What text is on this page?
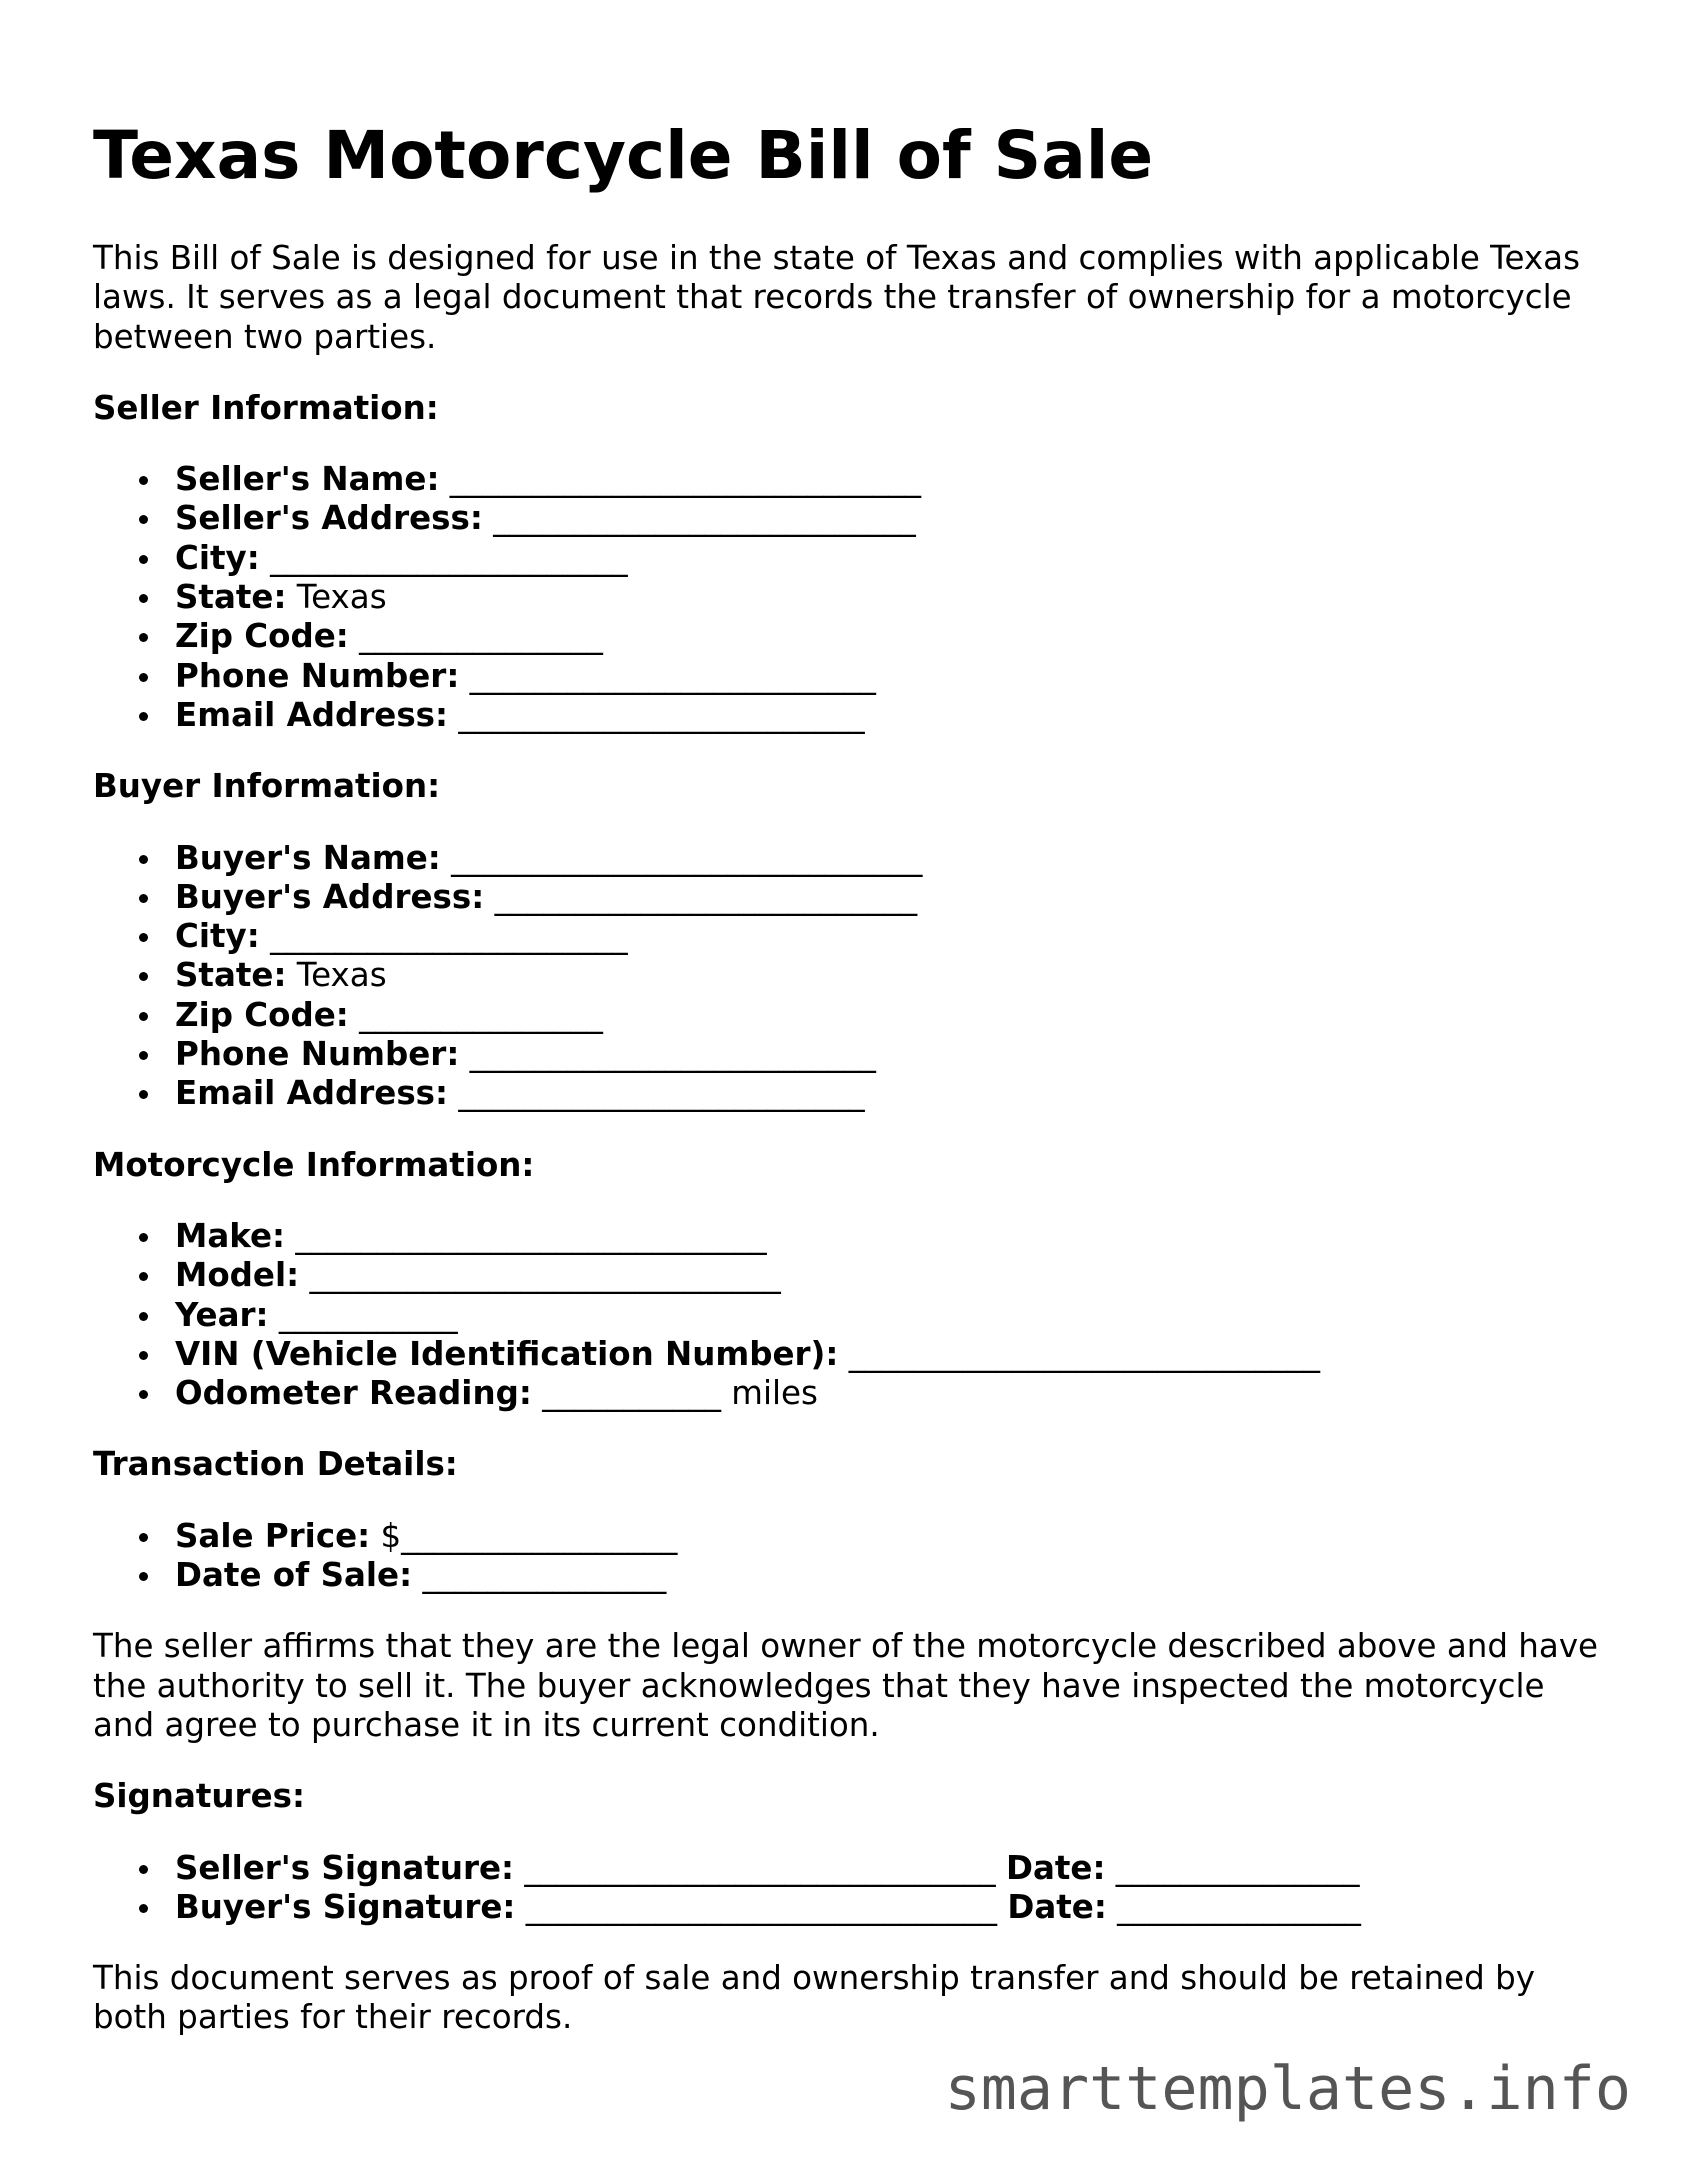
Texas Motorcycle Bill of Sale

This Bill of Sale is designed for use in the state of Texas and complies with applicable Texas laws. It serves as a legal document that records the transfer of ownership for a motorcycle between two parties.

Seller Information:
Seller's Name: _____________________________
Seller's Address: __________________________
City: ______________________
State: Texas
Zip Code: _______________
Phone Number: _________________________
Email Address: _________________________
Buyer Information:
Buyer's Name: _____________________________
Buyer's Address: __________________________
City: ______________________
State: Texas
Zip Code: _______________
Phone Number: _________________________
Email Address: _________________________
Motorcycle Information:
Make: _____________________________
Model: _____________________________
Year: ___________
VIN (Vehicle Identification Number): _____________________________
Odometer Reading: ___________ miles
Transaction Details:
Sale Price: $_________________
Date of Sale: _______________

The seller affirms that they are the legal owner of the motorcycle described above and have the authority to sell it. The buyer acknowledges that they have inspected the motorcycle and agree to purchase it in its current condition.

Signatures:
Seller's Signature: _____________________________ Date: _______________
Buyer's Signature: _____________________________ Date: _______________

This document serves as proof of sale and ownership transfer and should be retained by both parties for their records.

smarttemplates.info
